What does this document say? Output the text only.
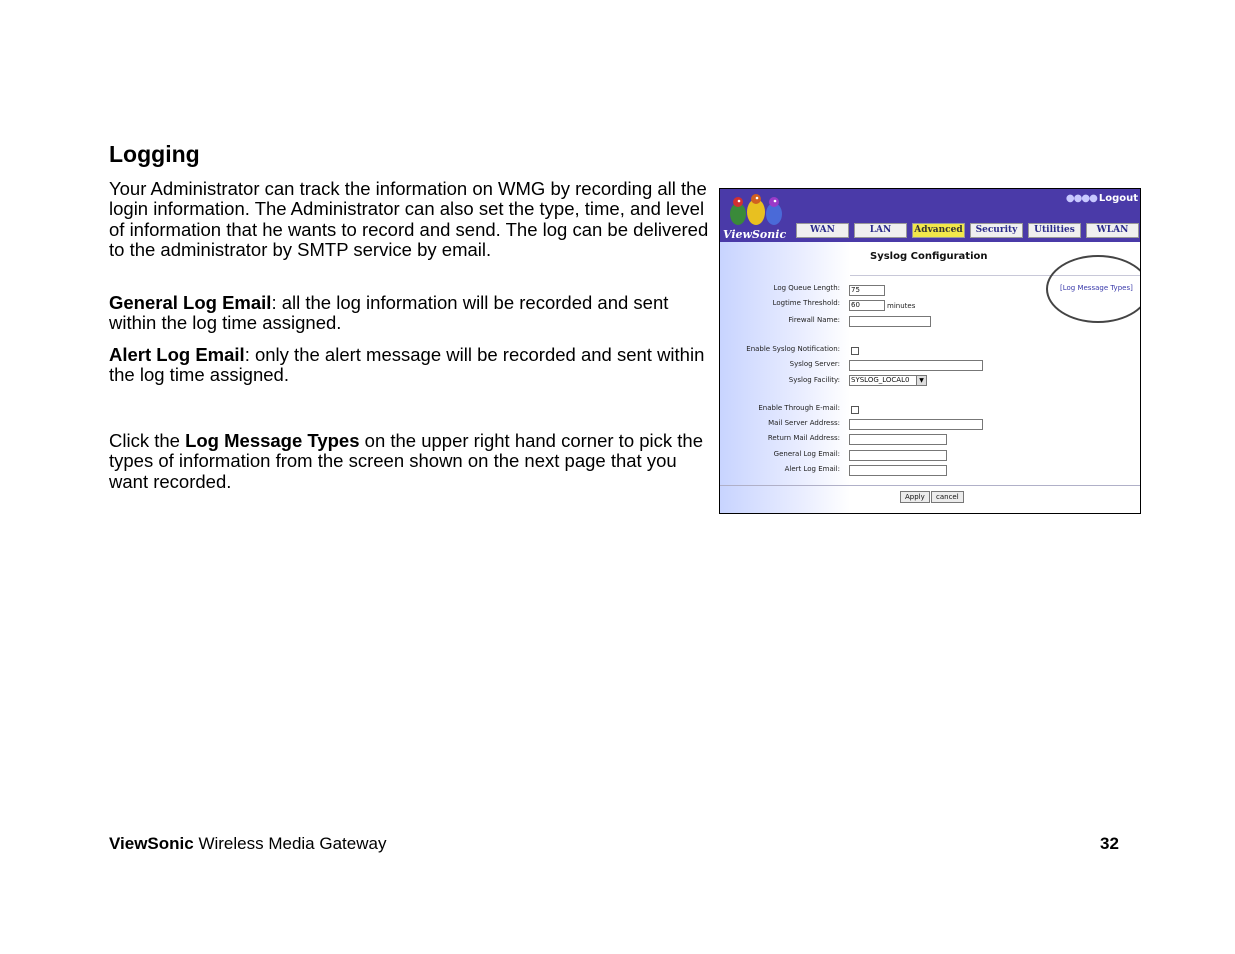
Logging

Your Administrator can track the information on WMG by recording all the login information. The Administrator can also set the type, time, and level of information that he wants to record and send. The log can be delivered to the administrator by SMTP service by email.

General Log Email: all the log information will be recorded and sent within the log time assigned.

Alert Log Email: only the alert message will be recorded and sent within the log time assigned.

Click the Log Message Types on the upper right hand corner to pick the types of information from the screen shown on the next page that you want recorded.

ViewSonic
●●●● Logout
WAN	LAN	Advanced	Security	Utilities	WLAN
Syslog Configuration
[Log Message Types]
Log Queue Length: 75
Logtime Threshold: 60	minutes
Firewall Name:
Enable Syslog Notification:
Syslog Server:
Syslog Facility: SYSLOG_LOCAL0	▼
Enable Through E-mail:
Mail Server Address:
Return Mail Address:
General Log Email:
Alert Log Email:
Apply	cancel
ViewSonic Wireless Media Gateway	32
